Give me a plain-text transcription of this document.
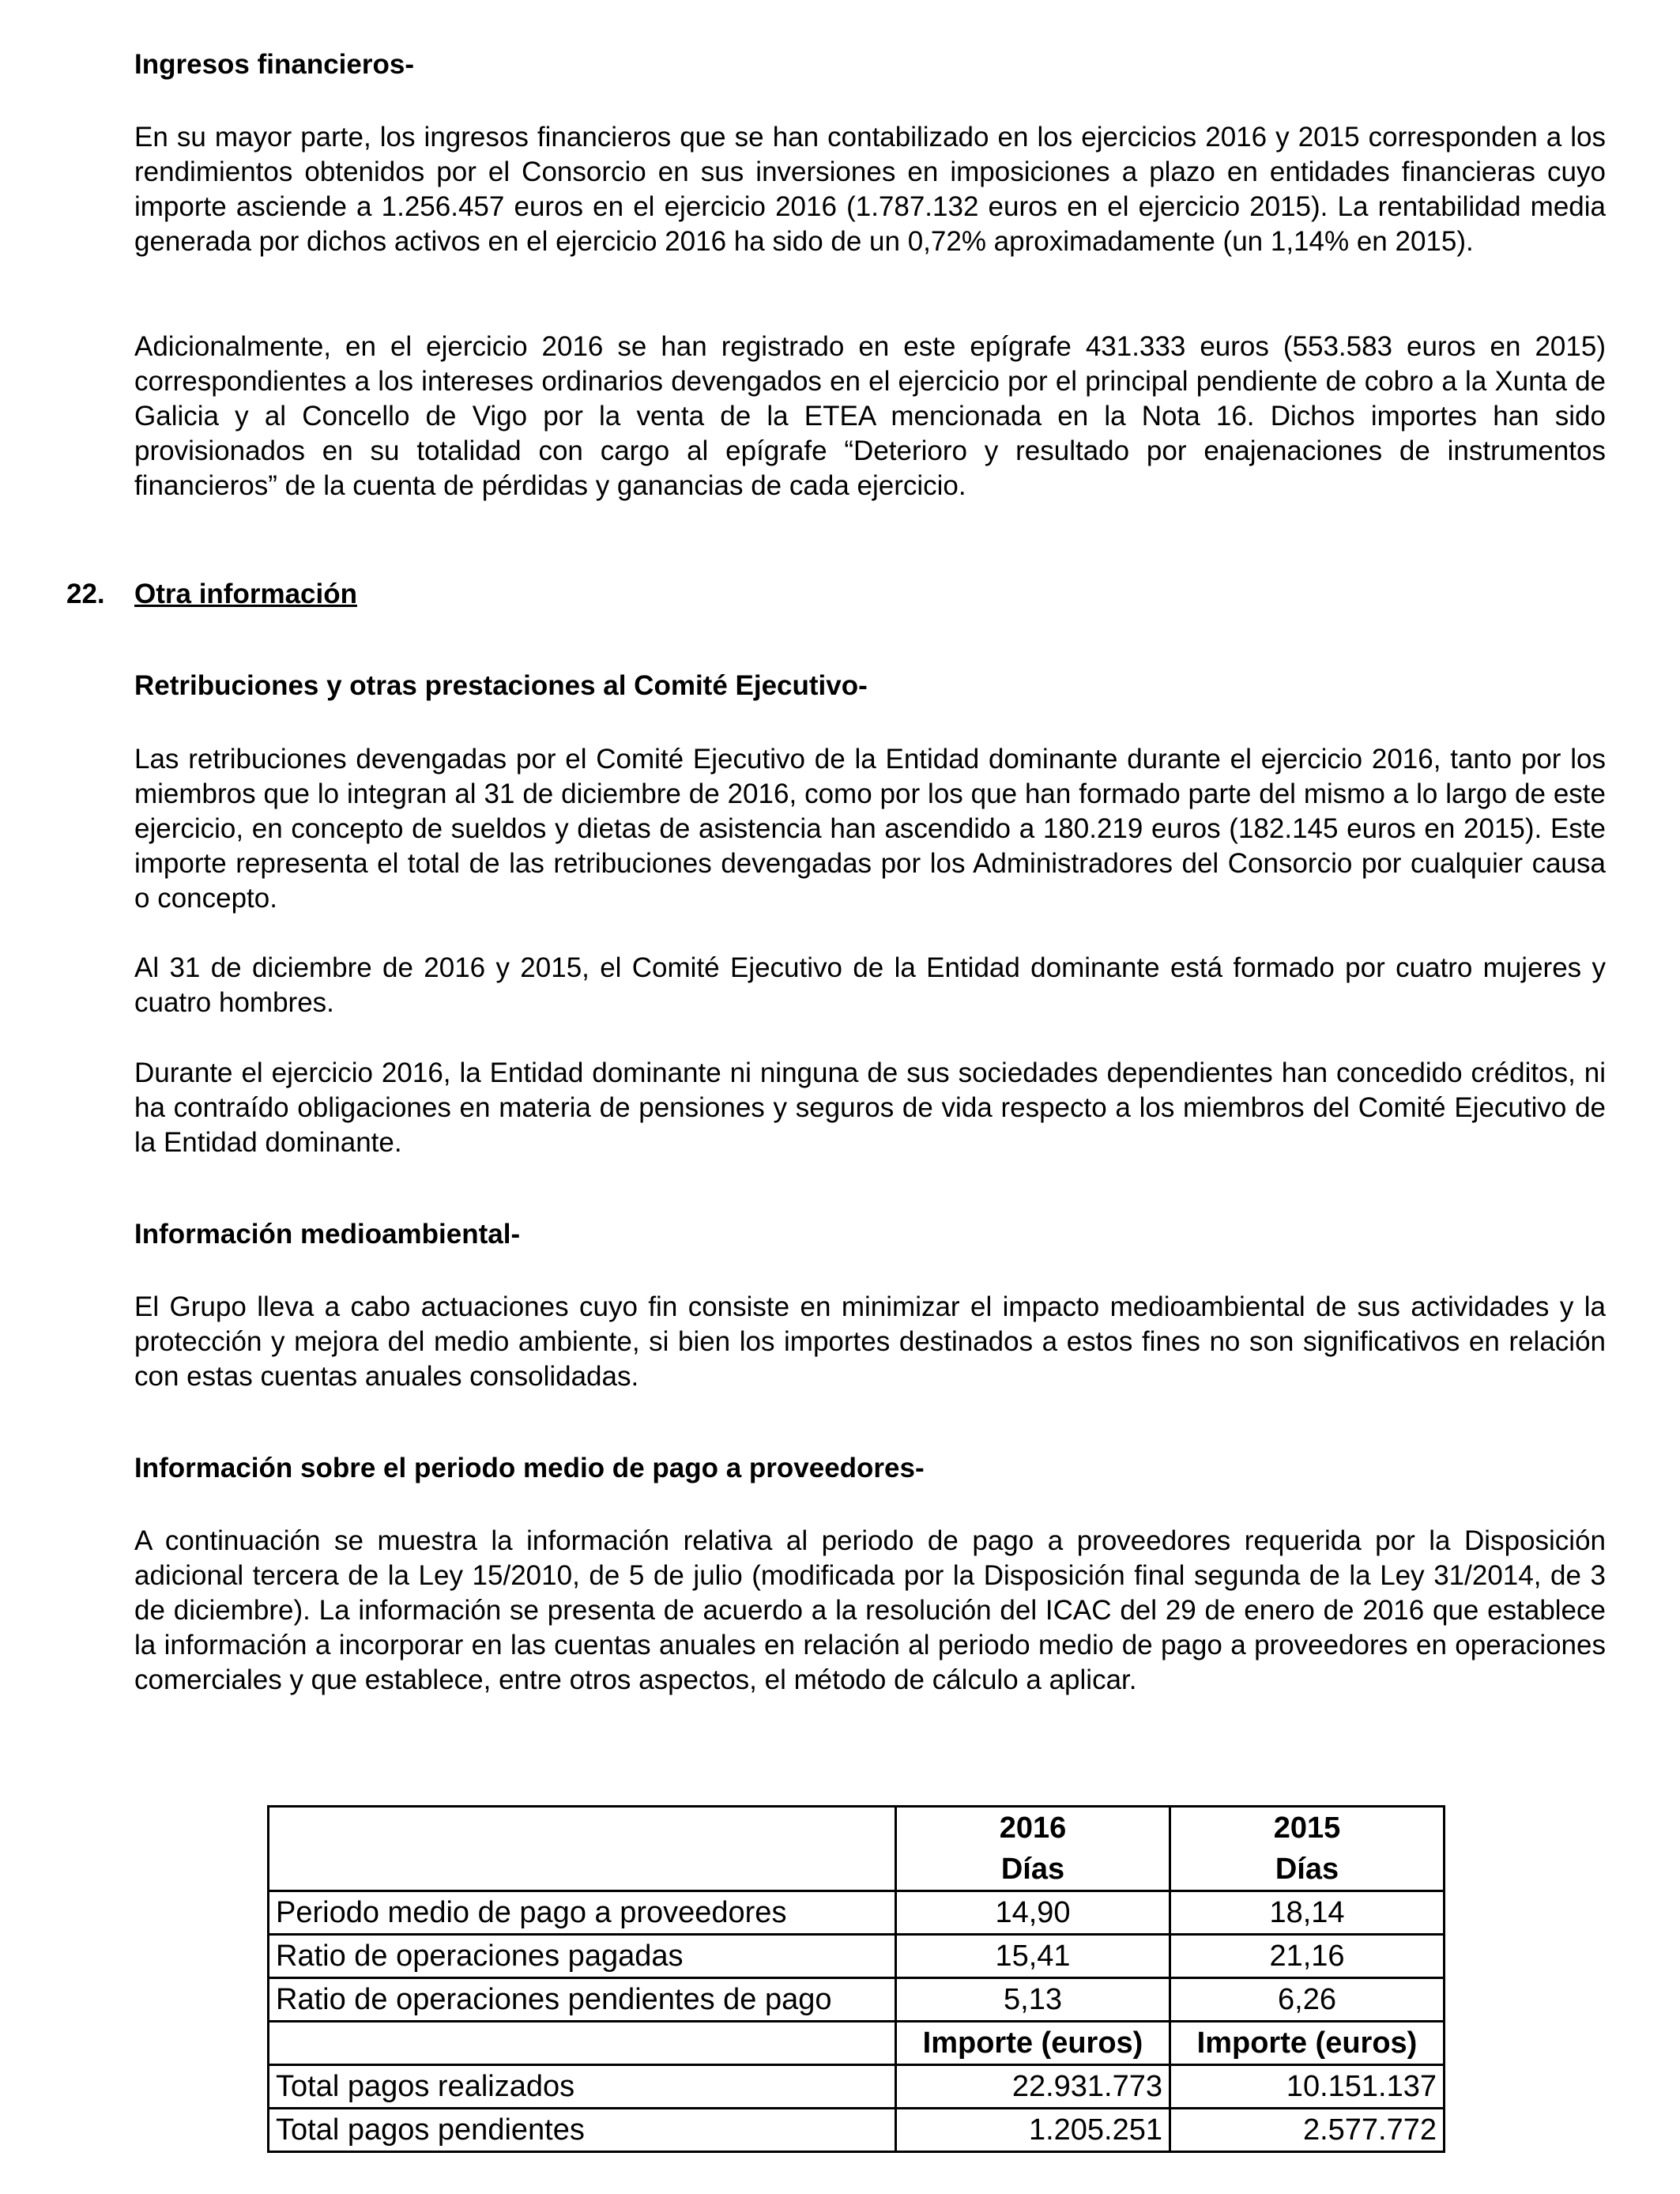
Ingresos financieros-

En su mayor parte, los ingresos financieros que se han contabilizado en los ejercicios 2016 y 2015 corresponden a los rendimientos obtenidos por el Consorcio en sus inversiones en imposiciones a plazo en entidades financieras cuyo importe asciende a 1.256.457 euros en el ejercicio 2016 (1.787.132 euros en el ejercicio 2015). La rentabilidad media generada por dichos activos en el ejercicio 2016 ha sido de un 0,72% aproximadamente (un 1,14% en 2015).

Adicionalmente, en el ejercicio 2016 se han registrado en este epígrafe 431.333 euros (553.583 euros en 2015) correspondientes a los intereses ordinarios devengados en el ejercicio por el principal pendiente de cobro a la Xunta de Galicia y al Concello de Vigo por la venta de la ETEA mencionada en la Nota 16. Dichos importes han sido provisionados en su totalidad con cargo al epígrafe “Deterioro y resultado por enajenaciones de instrumentos financieros” de la cuenta de pérdidas y ganancias de cada ejercicio.

22. Otra información

Retribuciones y otras prestaciones al Comité Ejecutivo-

Las retribuciones devengadas por el Comité Ejecutivo de la Entidad dominante durante el ejercicio 2016, tanto por los miembros que lo integran al 31 de diciembre de 2016, como por los que han formado parte del mismo a lo largo de este ejercicio, en concepto de sueldos y dietas de asistencia han ascendido a 180.219 euros (182.145 euros en 2015). Este importe representa el total de las retribuciones devengadas por los Administradores del Consorcio por cualquier causa o concepto.

Al 31 de diciembre de 2016 y 2015, el Comité Ejecutivo de la Entidad dominante está formado por cuatro mujeres y cuatro hombres.

Durante el ejercicio 2016, la Entidad dominante ni ninguna de sus sociedades dependientes han concedido créditos, ni ha contraído obligaciones en materia de pensiones y seguros de vida respecto a los miembros del Comité Ejecutivo de la Entidad dominante.

Información medioambiental-

El Grupo lleva a cabo actuaciones cuyo fin consiste en minimizar el impacto medioambiental de sus actividades y la protección y mejora del medio ambiente, si bien los importes destinados a estos fines no son significativos en relación con estas cuentas anuales consolidadas.

Información sobre el periodo medio de pago a proveedores-

A continuación se muestra la información relativa al periodo de pago a proveedores requerida por la Disposición adicional tercera de la Ley 15/2010, de 5 de julio (modificada por la Disposición final segunda de la Ley 31/2014, de 3 de diciembre). La información se presenta de acuerdo a la resolución del ICAC del 29 de enero de 2016 que establece la información a incorporar en las cuentas anuales en relación al periodo medio de pago a proveedores en operaciones comerciales y que establece, entre otros aspectos, el método de cálculo a aplicar.

	2016	2015
	Días	Días
Periodo medio de pago a proveedores	14,90	18,14
Ratio de operaciones pagadas	15,41	21,16
Ratio de operaciones pendientes de pago	5,13	6,26
	Importe (euros)	Importe (euros)
Total pagos realizados	22.931.773	10.151.137
Total pagos pendientes	1.205.251	2.577.772
